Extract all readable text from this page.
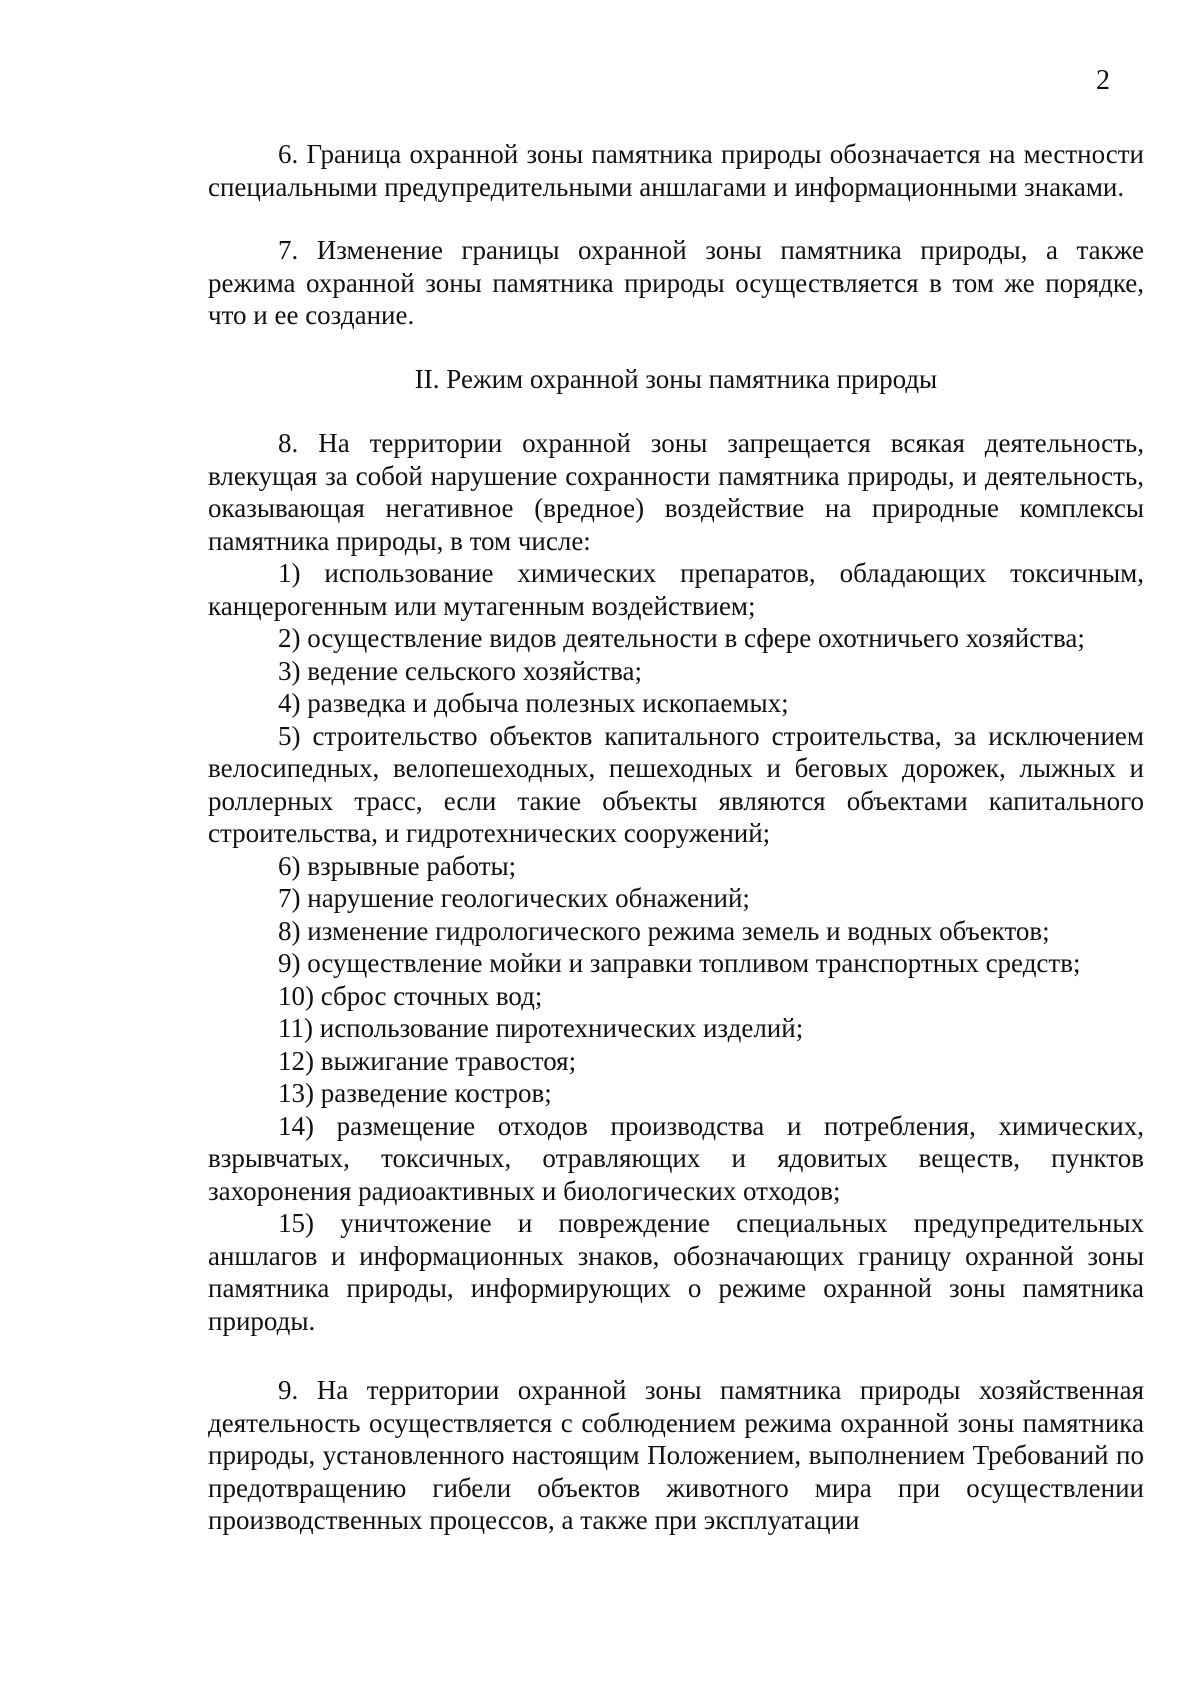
2

6. Граница охранной зоны памятника природы обозначается на местности специальными предупредительными аншлагами и информационными знаками.

7. Изменение границы охранной зоны памятника природы, а также режима охранной зоны памятника природы осуществляется в том же порядке, что и ее создание.

II. Режим охранной зоны памятника природы

8. На территории охранной зоны запрещается всякая деятельность, влекущая за собой нарушение сохранности памятника природы, и деятельность, оказывающая негативное (вредное) воздействие на природные комплексы памятника природы, в том числе:

1) использование химических препаратов, обладающих токсичным, канцерогенным или мутагенным воздействием;

2) осуществление видов деятельности в сфере охотничьего хозяйства;

3) ведение сельского хозяйства;

4) разведка и добыча полезных ископаемых;

5) строительство объектов капитального строительства, за исключением велосипедных, велопешеходных, пешеходных и беговых дорожек, лыжных и роллерных трасс, если такие объекты являются объектами капитального строительства, и гидротехнических сооружений;

6) взрывные работы;

7) нарушение геологических обнажений;

8) изменение гидрологического режима земель и водных объектов;

9) осуществление мойки и заправки топливом транспортных средств;

10) сброс сточных вод;

11) использование пиротехнических изделий;

12) выжигание травостоя;

13) разведение костров;

14) размещение отходов производства и потребления, химических, взрывчатых, токсичных, отравляющих и ядовитых веществ, пунктов захоронения радиоактивных и биологических отходов;

15) уничтожение и повреждение специальных предупредительных аншлагов и информационных знаков, обозначающих границу охранной зоны памятника природы, информирующих о режиме охранной зоны памятника природы.

9. На территории охранной зоны памятника природы хозяйственная деятельность осуществляется с соблюдением режима охранной зоны памятника природы, установленного настоящим Положением, выполнением Требований по предотвращению гибели объектов животного мира при осуществлении производственных процессов, а также при эксплуатации
